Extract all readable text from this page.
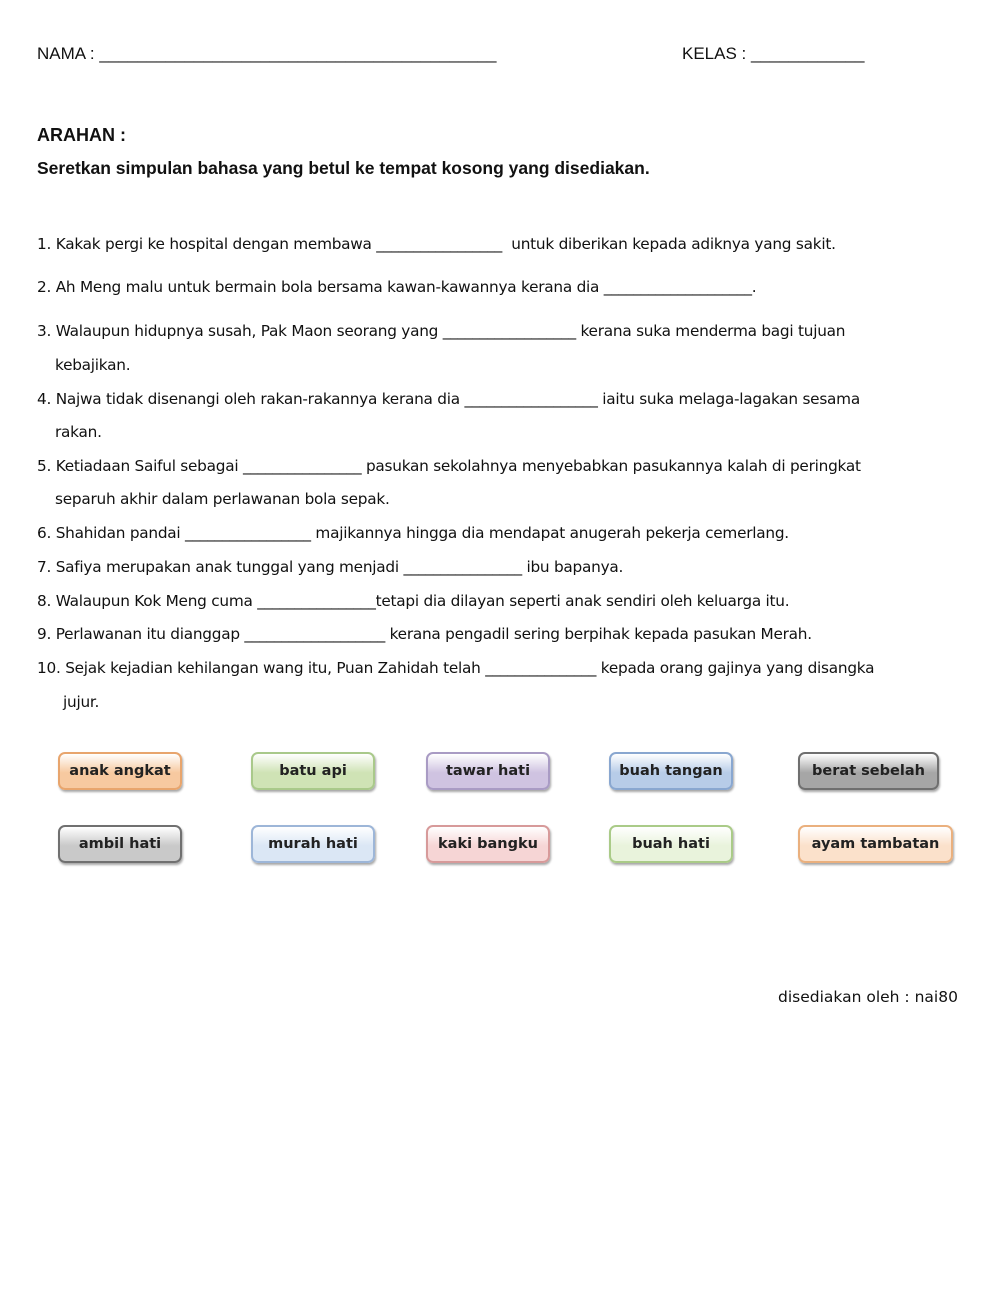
NAMA : __________________________________________	KELAS : ____________
ARAHAN :
Seretkan simpulan bahasa yang betul ke tempat kosong yang disediakan.
1. Kakak pergi ke hospital dengan membawa _________________  untuk diberikan kepada adiknya yang sakit.
2. Ah Meng malu untuk bermain bola bersama kawan-kawannya kerana dia ____________________.
3. Walaupun hidupnya susah, Pak Maon seorang yang __________________ kerana suka menderma bagi tujuan
kebajikan.
4. Najwa tidak disenangi oleh rakan-rakannya kerana dia __________________ iaitu suka melaga-lagakan sesama
rakan.
5. Ketiadaan Saiful sebagai ________________ pasukan sekolahnya menyebabkan pasukannya kalah di peringkat
separuh akhir dalam perlawanan bola sepak.
6. Shahidan pandai _________________ majikannya hingga dia mendapat anugerah pekerja cemerlang.
7. Safiya merupakan anak tunggal yang menjadi ________________ ibu bapanya.
8. Walaupun Kok Meng cuma ________________tetapi dia dilayan seperti anak sendiri oleh keluarga itu.
9. Perlawanan itu dianggap ___________________ kerana pengadil sering berpihak kepada pasukan Merah.
10. Sejak kejadian kehilangan wang itu, Puan Zahidah telah _______________ kepada orang gajinya yang disangka
jujur.
anak angkat	batu api	tawar hati	buah tangan	berat sebelah
ambil hati	murah hati	kaki bangku	buah hati	ayam tambatan
disediakan oleh : nai80
